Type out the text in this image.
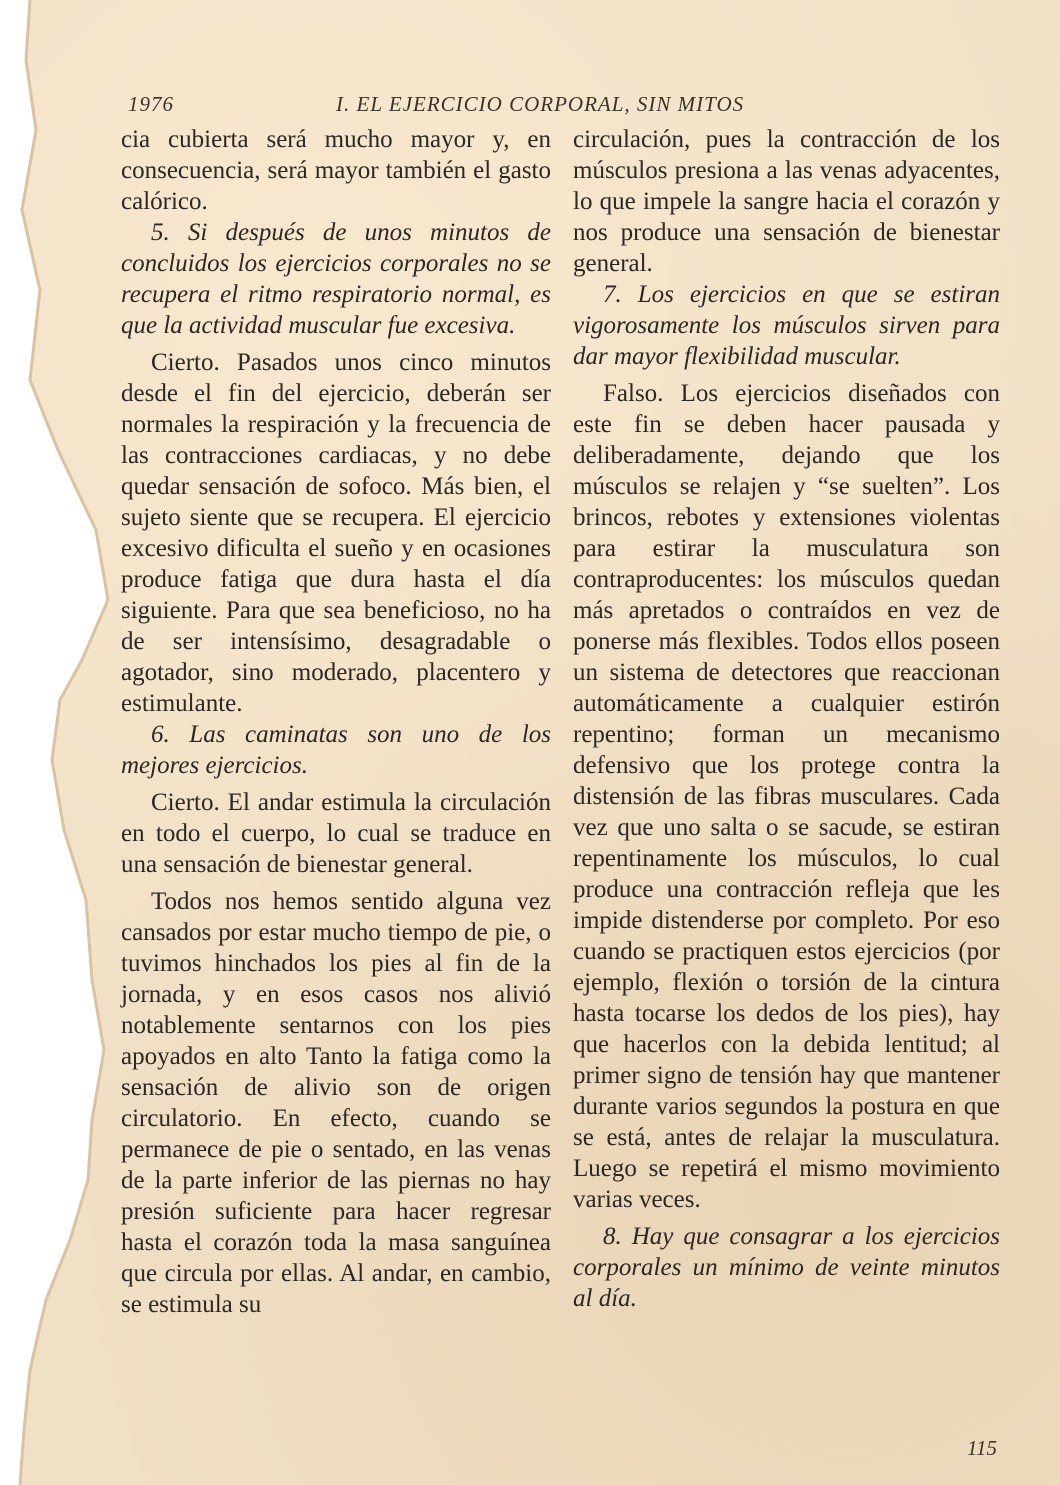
1976	I. EL EJERCICIO CORPORAL, SIN MITOS

cia cubierta será mucho mayor y, en consecuencia, será mayor también el gasto calórico.

5. Si después de unos minutos de concluidos los ejercicios corporales no se recupera el ritmo respiratorio normal, es que la actividad muscular fue excesiva.

Cierto. Pasados unos cinco minutos desde el fin del ejercicio, deberán ser normales la respiración y la frecuencia de las contracciones cardiacas, y no debe quedar sensación de sofoco. Más bien, el sujeto siente que se recupera. El ejercicio excesivo dificulta el sueño y en ocasiones produce fatiga que dura hasta el día siguiente. Para que sea beneficioso, no ha de ser intensísimo, desagradable o agotador, sino moderado, placentero y estimulante.

6. Las caminatas son uno de los mejores ejercicios.

Cierto. El andar estimula la circulación en todo el cuerpo, lo cual se traduce en una sensación de bienestar general.

Todos nos hemos sentido alguna vez cansados por estar mucho tiempo de pie, o tuvimos hinchados los pies al fin de la jornada, y en esos casos nos alivió notablemente sentarnos con los pies apoyados en alto Tanto la fatiga como la sensación de alivio son de origen circulatorio. En efecto, cuando se permanece de pie o sentado, en las venas de la parte inferior de las piernas no hay presión suficiente para hacer regresar hasta el corazón toda la masa sanguínea que circula por ellas. Al andar, en cambio, se estimula su

circulación, pues la contracción de los músculos presiona a las venas adyacentes, lo que impele la sangre hacia el corazón y nos produce una sensación de bienestar general.

7. Los ejercicios en que se estiran vigorosamente los músculos sirven para dar mayor flexibilidad muscular.

Falso. Los ejercicios diseñados con este fin se deben hacer pausada y deliberadamente, dejando que los músculos se relajen y “se suelten”. Los brincos, rebotes y extensiones violentas para estirar la musculatura son contraproducentes: los músculos quedan más apretados o contraídos en vez de ponerse más flexibles. Todos ellos poseen un sistema de detectores que reaccionan automáticamente a cualquier estirón repentino; forman un mecanismo defensivo que los protege contra la distensión de las fibras musculares. Cada vez que uno salta o se sacude, se estiran repentinamente los músculos, lo cual produce una contracción refleja que les impide distenderse por completo. Por eso cuando se practiquen estos ejercicios (por ejemplo, flexión o torsión de la cintura hasta tocarse los dedos de los pies), hay que hacerlos con la debida lentitud; al primer signo de tensión hay que mantener durante varios segundos la postura en que se está, antes de relajar la musculatura. Luego se repetirá el mismo movimiento varias veces.

8. Hay que consagrar a los ejercicios corporales un mínimo de veinte minutos al día.

115
